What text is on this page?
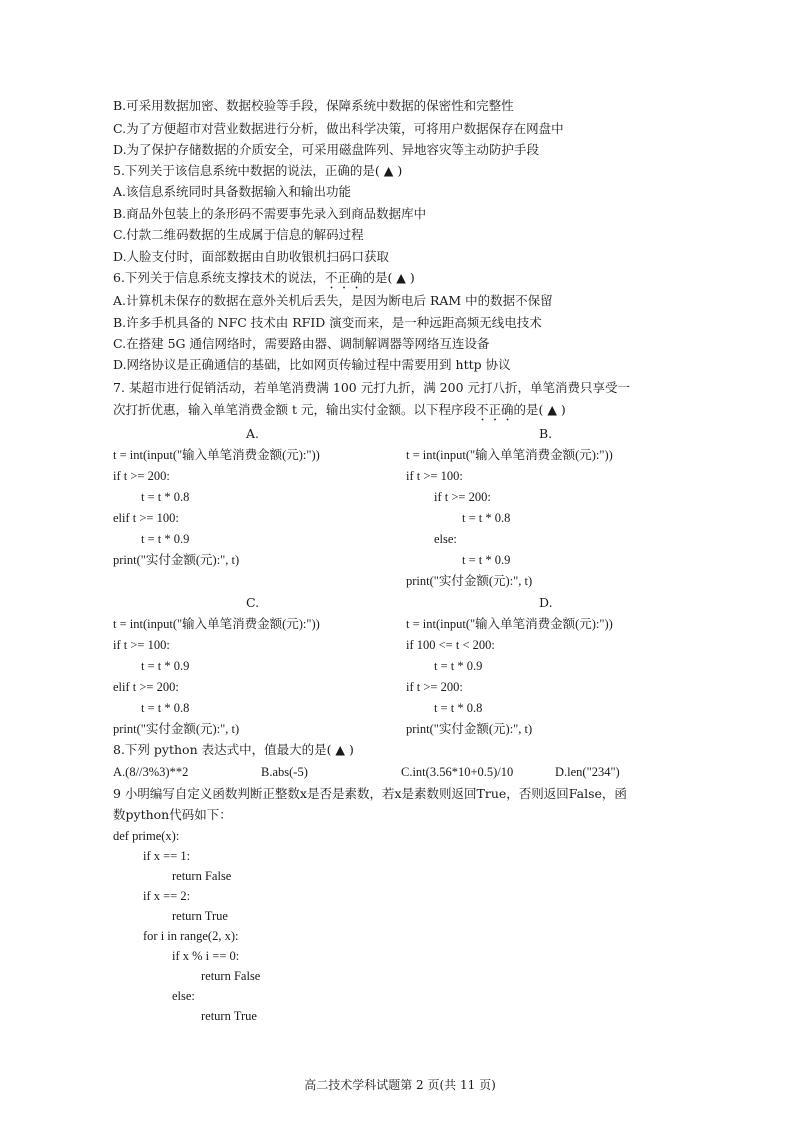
B.可采用数据加密、数据校验等手段，保障系统中数据的保密性和完整性
C.为了方便超市对营业数据进行分析，做出科学决策，可将用户数据保存在网盘中
D.为了保护存储数据的介质安全，可采用磁盘阵列、异地容灾等主动防护手段
5.下列关于该信息系统中数据的说法，正确的是( ▲ )
A.该信息系统同时具备数据输入和输出功能
B.商品外包装上的条形码不需要事先录入到商品数据库中
C.付款二维码数据的生成属于信息的解码过程
D.人脸支付时，面部数据由自助收银机扫码口获取
6.下列关于信息系统支撑技术的说法，不正确的是( ▲ )
A.计算机未保存的数据在意外关机后丢失，是因为断电后 RAM 中的数据不保留
B.许多手机具备的 NFC 技术由 RFID 演变而来，是一种远距高频无线电技术
C.在搭建 5G 通信网络时，需要路由器、调制解调器等网络互连设备
D.网络协议是正确通信的基础，比如网页传输过程中需要用到 http 协议
7. 某超市进行促销活动，若单笔消费满 100 元打九折，满 200 元打八折，单笔消费只享受一
次打折优惠，输入单笔消费金额 t 元，输出实付金额。以下程序段不正确的是( ▲ )
A.
t = int(input("输入单笔消费金额(元):"))
if t >= 200:
t = t * 0.8
elif t >= 100:
t = t * 0.9
print("实付金额(元):", t)
B.
t = int(input("输入单笔消费金额(元):"))
if t >= 100:
if t >= 200:
t = t * 0.8
else:
t = t * 0.9
print("实付金额(元):", t)
C.
t = int(input("输入单笔消费金额(元):"))
if t >= 100:
t = t * 0.9
elif t >= 200:
t = t * 0.8
print("实付金额(元):", t)
D.
t = int(input("输入单笔消费金额(元):"))
if 100 <= t < 200:
t = t * 0.9
if t >= 200:
t = t * 0.8
print("实付金额(元):", t)
8.下列 python 表达式中，值最大的是( ▲ )
A.(8//3%3)**2	B.abs(-5)	C.int(3.56*10+0.5)/10	D.len("234")
9 小明编写自定义函数判断正整数x是否是素数，若x是素数则返回True，否则返回False，函
数python代码如下：
def prime(x):
if x == 1:
return False
if x == 2:
return True
for i in range(2, x):
if x % i == 0:
return False
else:
return True
高二技术学科试题第 2 页(共 11 页)
